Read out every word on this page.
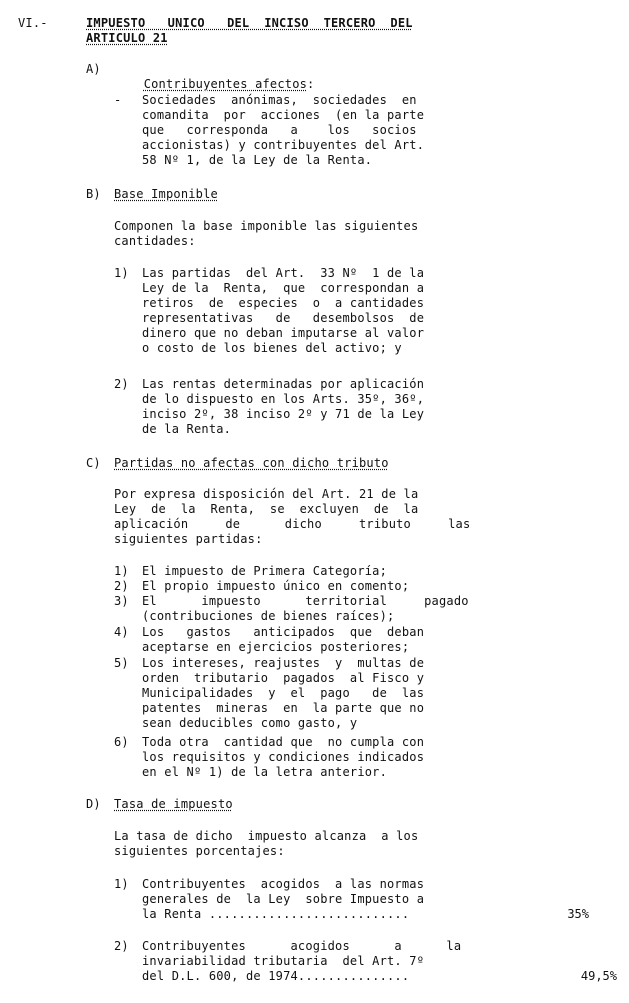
VI.-	IMPUESTO   UNICO   DEL  INCISO  TERCERO  DEL
ARTICULO 21
A)

Contribuyentes afectos:

- Sociedades  anónimas,  sociedades  en
comandita  por  acciones  (en la parte
que   corresponda   a    los   socios
accionistas) y contribuyentes del Art.
58 Nº 1, de la Ley de la Renta.
B) Base Imponible
Componen la base imponible las siguientes
cantidades:
1) Las partidas  del Art.  33 Nº  1 de la
Ley de la  Renta,  que  correspondan a
retiros  de  especies  o  a cantidades
representativas   de   desembolsos  de
dinero que no deban imputarse al valor
o costo de los bienes del activo; y
2) Las rentas determinadas por aplicación
de lo dispuesto en los Arts. 35º, 36º,
inciso 2º, 38 inciso 2º y 71 de la Ley
de la Renta.
C) Partidas no afectas con dicho tributo
Por expresa disposición del Art. 21 de la
Ley  de  la  Renta,  se  excluyen  de  la
aplicación     de      dicho     tributo     las
siguientes partidas:
1) El impuesto de Primera Categoría;
2) El propio impuesto único en comento;
3) El      impuesto      territorial     pagado
(contribuciones de bienes raíces);
4) Los   gastos   anticipados  que  deban
aceptarse en ejercicios posteriores;
5) Los intereses, reajustes  y  multas de
orden  tributario  pagados  al Fisco y
Municipalidades  y  el  pago   de  las
patentes  mineras  en  la parte que no
sean deducibles como gasto, y
6) Toda otra  cantidad que  no cumpla con
los requisitos y condiciones indicados
en el Nº 1) de la letra anterior.
D) Tasa de impuesto
La tasa de dicho  impuesto alcanza  a los
siguientes porcentajes:
1) Contribuyentes  acogidos  a las normas
generales de  la Ley  sobre Impuesto a
la Renta ...........................	35%
2) Contribuyentes      acogidos      a      la
invariabilidad tributaria  del Art. 7º
del D.L. 600, de 1974...............	49,5%
